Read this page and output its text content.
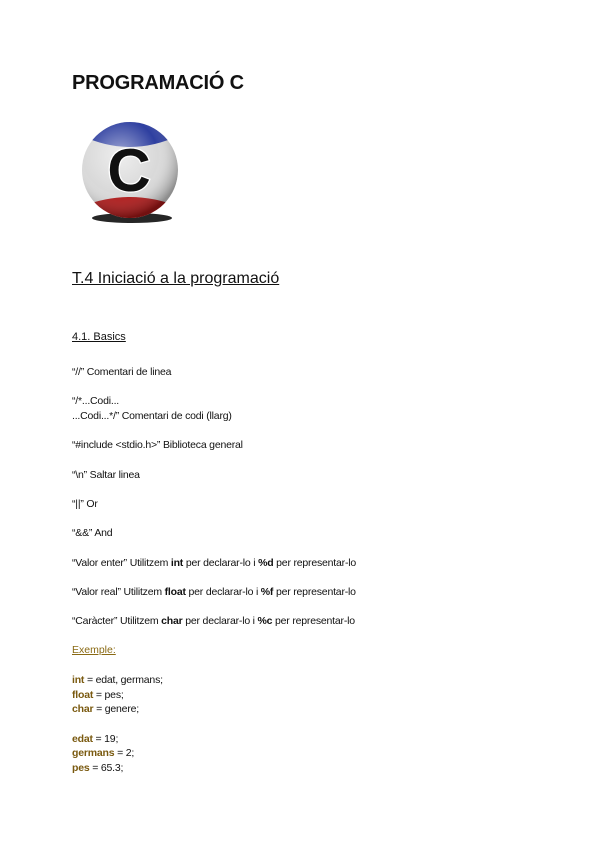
PROGRAMACIÓ C
C
T.4 Iniciació a la programació
4.1. Basics
“//” Comentari de linea
“/*...Codi...
...Codi...*/” Comentari de codi (llarg)
“#include <stdio.h>” Biblioteca general
“\n” Saltar linea
“||” Or
“&&” And
“Valor enter” Utilitzem int per declarar-lo i %d per representar-lo
“Valor real” Utilitzem float per declarar-lo i %f per representar-lo
“Caràcter” Utilitzem char per declarar-lo i %c per representar-lo
Exemple:
int = edat, germans;
float = pes;
char = genere;
edat = 19;
germans = 2;
pes = 65.3;
